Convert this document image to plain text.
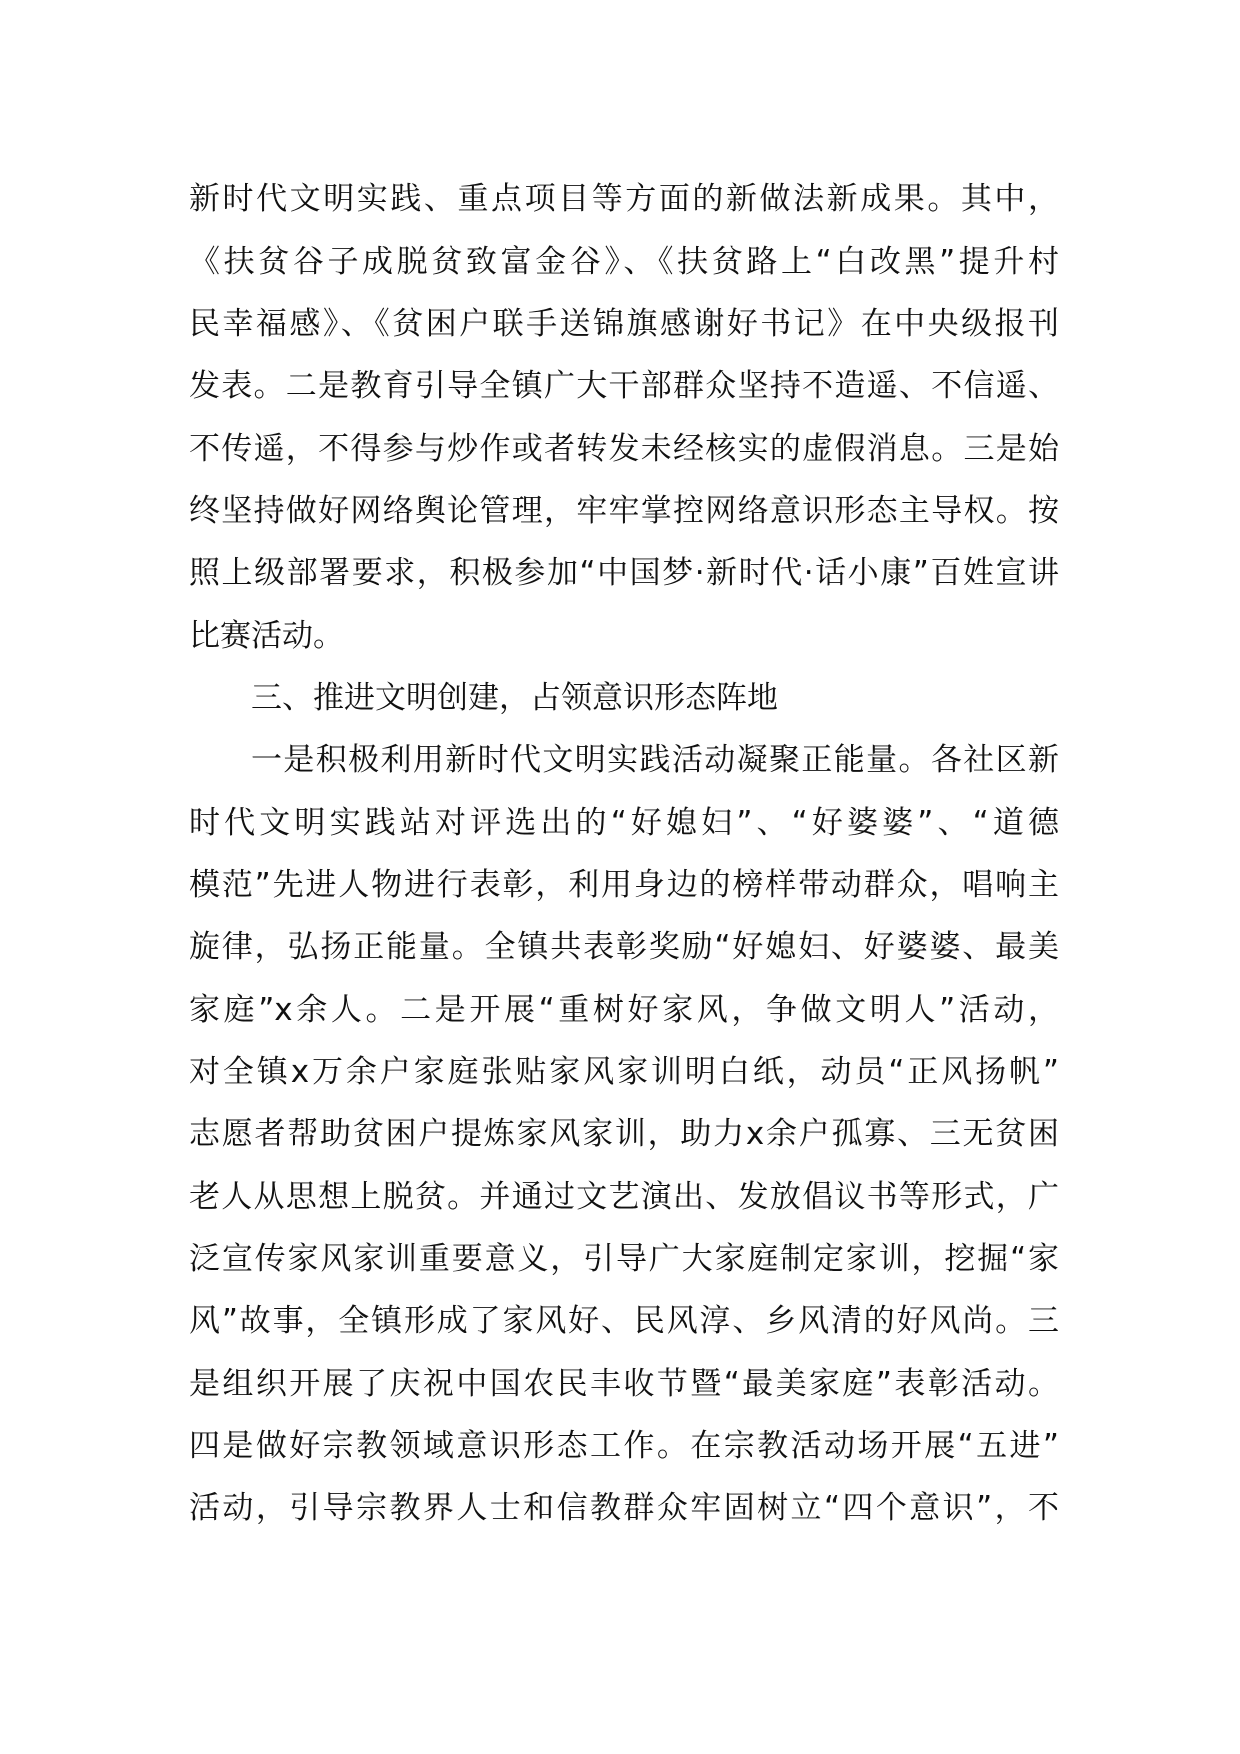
新时代文明实践、重点项目等方面的新做法新成果。其中，
《扶贫谷子成脱贫致富金谷》、《扶贫路上“白改黑”提升村
民幸福感》、《贫困户联手送锦旗感谢好书记》在中央级报刊
发表。二是教育引导全镇广大干部群众坚持不造遥、不信遥、
不传遥，不得参与炒作或者转发未经核实的虚假消息。三是始
终坚持做好网络舆论管理，牢牢掌控网络意识形态主导权。按
照上级部署要求，积极参加“中国梦·新时代·话小康”百姓宣讲
比赛活动。
三、推进文明创建，占领意识形态阵地
一是积极利用新时代文明实践活动凝聚正能量。各社区新
时代文明实践站对评选出的“好媳妇”、“好婆婆”、“道德
模范”先进人物进行表彰，利用身边的榜样带动群众，唱响主
旋律，弘扬正能量。全镇共表彰奖励“好媳妇、好婆婆、最美
家庭”x余人。二是开展“重树好家风，争做文明人”活动，
对全镇x万余户家庭张贴家风家训明白纸，动员“正风扬帆”
志愿者帮助贫困户提炼家风家训，助力x余户孤寡、三无贫困
老人从思想上脱贫。并通过文艺演出、发放倡议书等形式，广
泛宣传家风家训重要意义，引导广大家庭制定家训，挖掘“家
风”故事，全镇形成了家风好、民风淳、乡风清的好风尚。三
是组织开展了庆祝中国农民丰收节暨“最美家庭”表彰活动。
四是做好宗教领域意识形态工作。在宗教活动场开展“五进”
活动，引导宗教界人士和信教群众牢固树立“四个意识”，不
